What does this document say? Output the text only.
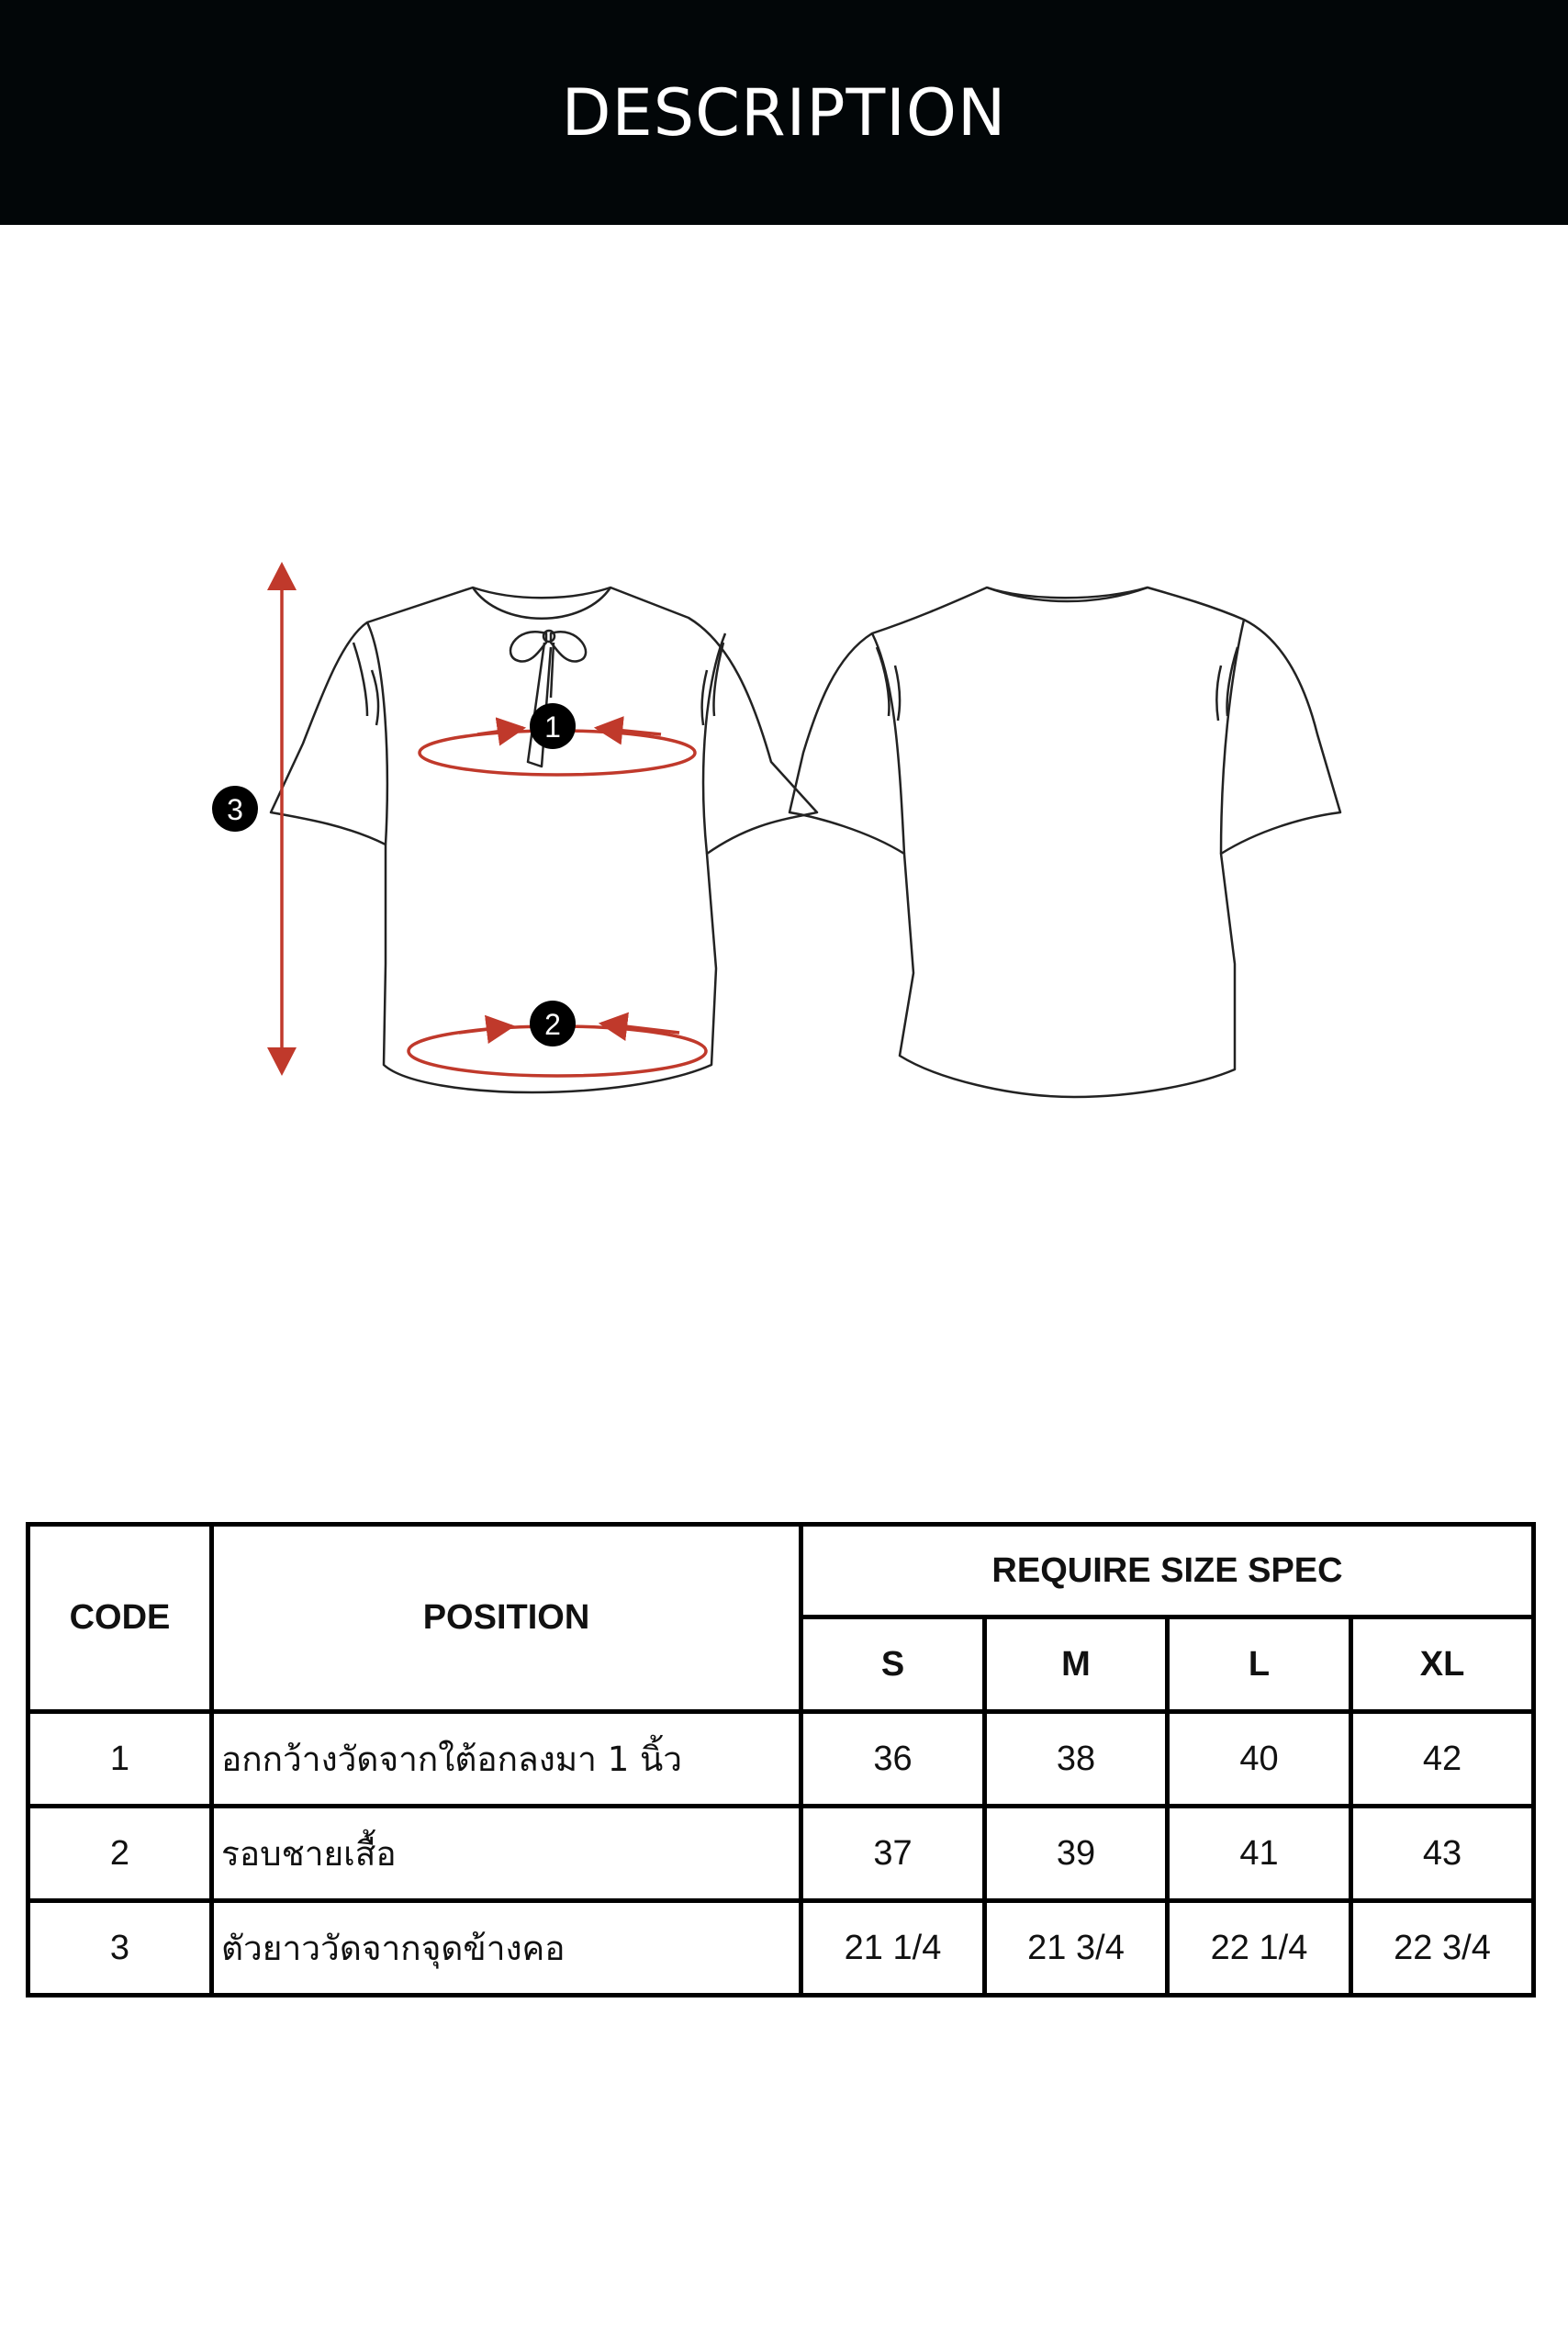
DESCRIPTION
1
2
3
CODE	POSITION	REQUIRE SIZE SPEC			
		S	M	L	XL
1	อกกว้างวัดจากใต้อกลงมา 1 นิ้ว	36	38	40	42
2	รอบชายเสื้อ	37	39	41	43
3	ตัวยาววัดจากจุดข้างคอ	21 1/4	21 3/4	22 1/4	22 3/4
